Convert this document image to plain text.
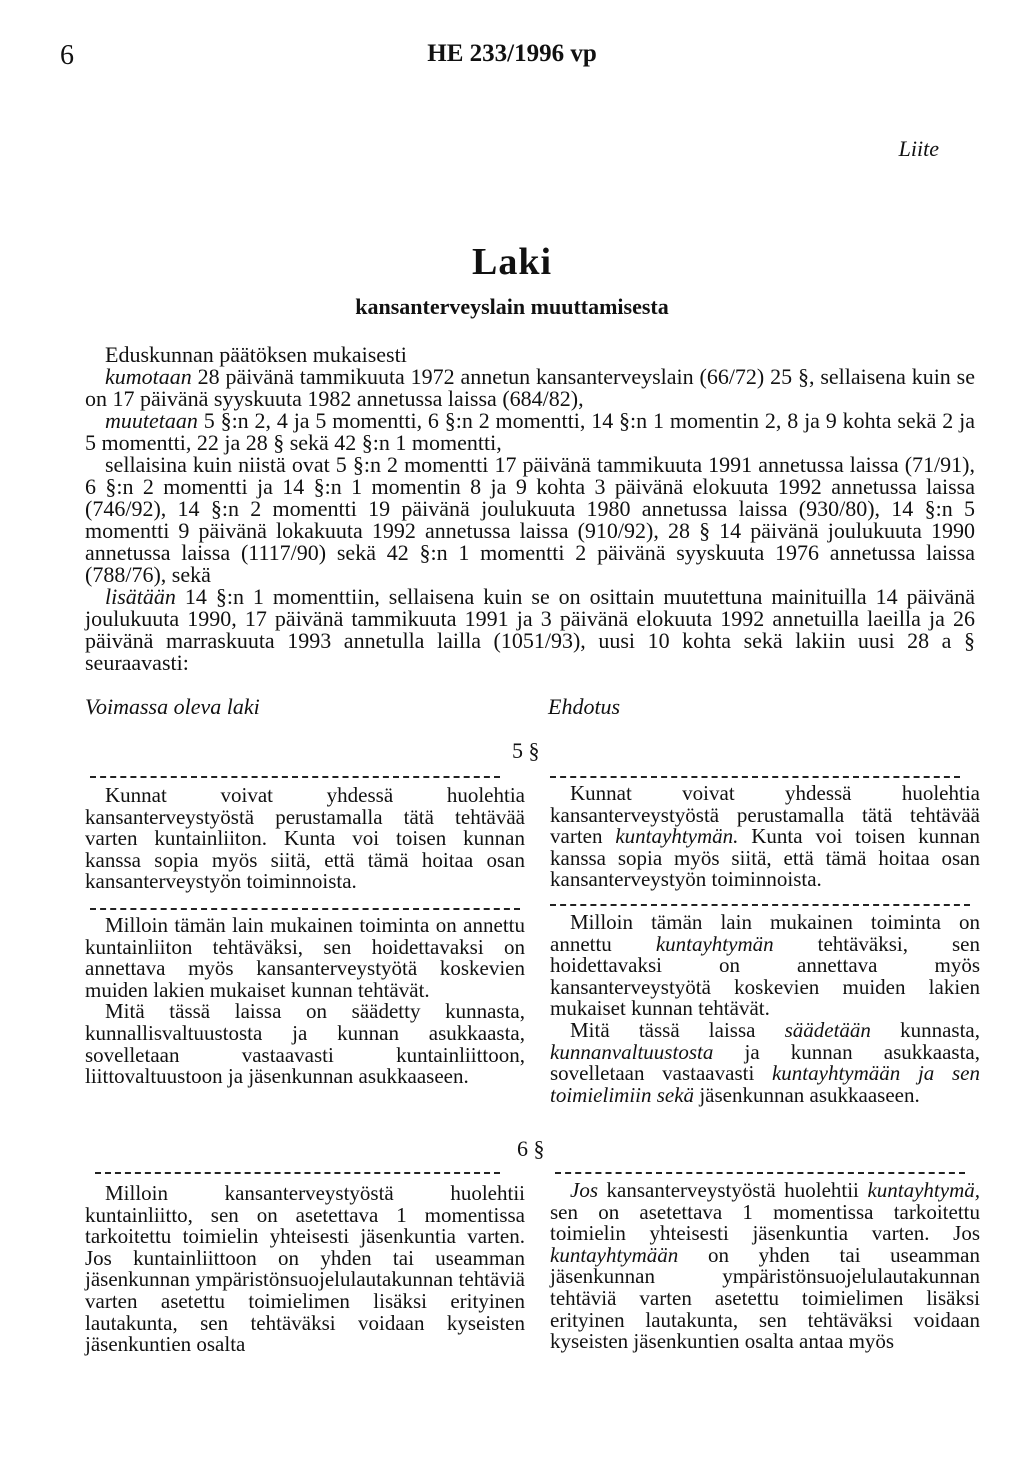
6	HE 233/1996 vp
Liite
Laki
kansanterveyslain muuttamisesta

Eduskunnan päätöksen mukaisesti

kumotaan 28 päivänä tammikuuta 1972 annetun kansanterveyslain (66/72) 25 §, sellaisena kuin se on 17 päivänä syyskuuta 1982 annetussa laissa (684/82),

muutetaan 5 §:n 2, 4 ja 5 momentti, 6 §:n 2 momentti, 14 §:n 1 momentin 2, 8 ja 9 kohta sekä 2 ja 5 momentti, 22 ja 28 § sekä 42 §:n 1 momentti,

sellaisina kuin niistä ovat 5 §:n 2 momentti 17 päivänä tammikuuta 1991 annetussa laissa (71/91), 6 §:n 2 momentti ja 14 §:n 1 momentin 8 ja 9 kohta 3 päivänä elokuuta 1992 annetussa laissa (746/92), 14 §:n 2 momentti 19 päivänä joulukuuta 1980 annetussa laissa (930/80), 14 §:n 5 momentti 9 päivänä lokakuuta 1992 annetussa laissa (910/92), 28 § 14 päivänä joulukuuta 1990 annetussa laissa (1117/90) sekä 42 §:n 1 momentti 2 päivänä syyskuuta 1976 annetussa laissa (788/76), sekä

lisätään 14 §:n 1 momenttiin, sellaisena kuin se on osittain muutettuna mainituilla 14 päivänä joulukuuta 1990, 17 päivänä tammikuuta 1991 ja 3 päivänä elokuuta 1992 annetuilla laeilla ja 26 päivänä marraskuuta 1993 annetulla lailla (1051/93), uusi 10 kohta sekä lakiin uusi 28 a § seuraavasti:

Voimassa oleva laki	Ehdotus
5 §

Kunnat voivat yhdessä huolehtia kansanterveystyöstä perustamalla tätä tehtävää varten kuntainliiton. Kunta voi toisen kunnan kanssa sopia myös siitä, että tämä hoitaa osan kansanterveystyön toiminnoista.

Kunnat voivat yhdessä huolehtia kansanterveystyöstä perustamalla tätä tehtävää varten kuntayhtymän. Kunta voi toisen kunnan kanssa sopia myös siitä, että tämä hoitaa osan kansanterveystyön toiminnoista.

Milloin tämän lain mukainen toiminta on annettu kuntainliiton tehtäväksi, sen hoidettavaksi on annettava myös kansanterveystyötä koskevien muiden lakien mukaiset kunnan tehtävät.

Mitä tässä laissa on säädetty kunnasta, kunnallisvaltuustosta ja kunnan asukkaasta, sovelletaan vastaavasti kuntainliittoon, liittovaltuustoon ja jäsenkunnan asukkaaseen.

Milloin tämän lain mukainen toiminta on annettu kuntayhtymän tehtäväksi, sen hoidettavaksi on annettava myös kansanterveystyötä koskevien muiden lakien mukaiset kunnan tehtävät.

Mitä tässä laissa säädetään kunnasta, kunnanvaltuustosta ja kunnan asukkaasta, sovelletaan vastaavasti kuntayhtymään ja sen toimielimiin sekä jäsenkunnan asukkaaseen.

6 §

Milloin kansanterveystyöstä huolehtii kuntainliitto, sen on asetettava 1 momentissa tarkoitettu toimielin yhteisesti jäsenkuntia varten. Jos kuntainliittoon on yhden tai useamman jäsenkunnan ympäristönsuojelulautakunnan tehtäviä varten asetettu toimielimen lisäksi erityinen lautakunta, sen tehtäväksi voidaan kyseisten jäsenkuntien osalta

Jos kansanterveystyöstä huolehtii kuntayhtymä, sen on asetettava 1 momentissa tarkoitettu toimielin yhteisesti jäsenkuntia varten. Jos kuntayhtymään on yhden tai useamman jäsenkunnan ympäristönsuojelulautakunnan tehtäviä varten asetettu toimielimen lisäksi erityinen lautakunta, sen tehtäväksi voidaan kyseisten jäsenkuntien osalta antaa myös
